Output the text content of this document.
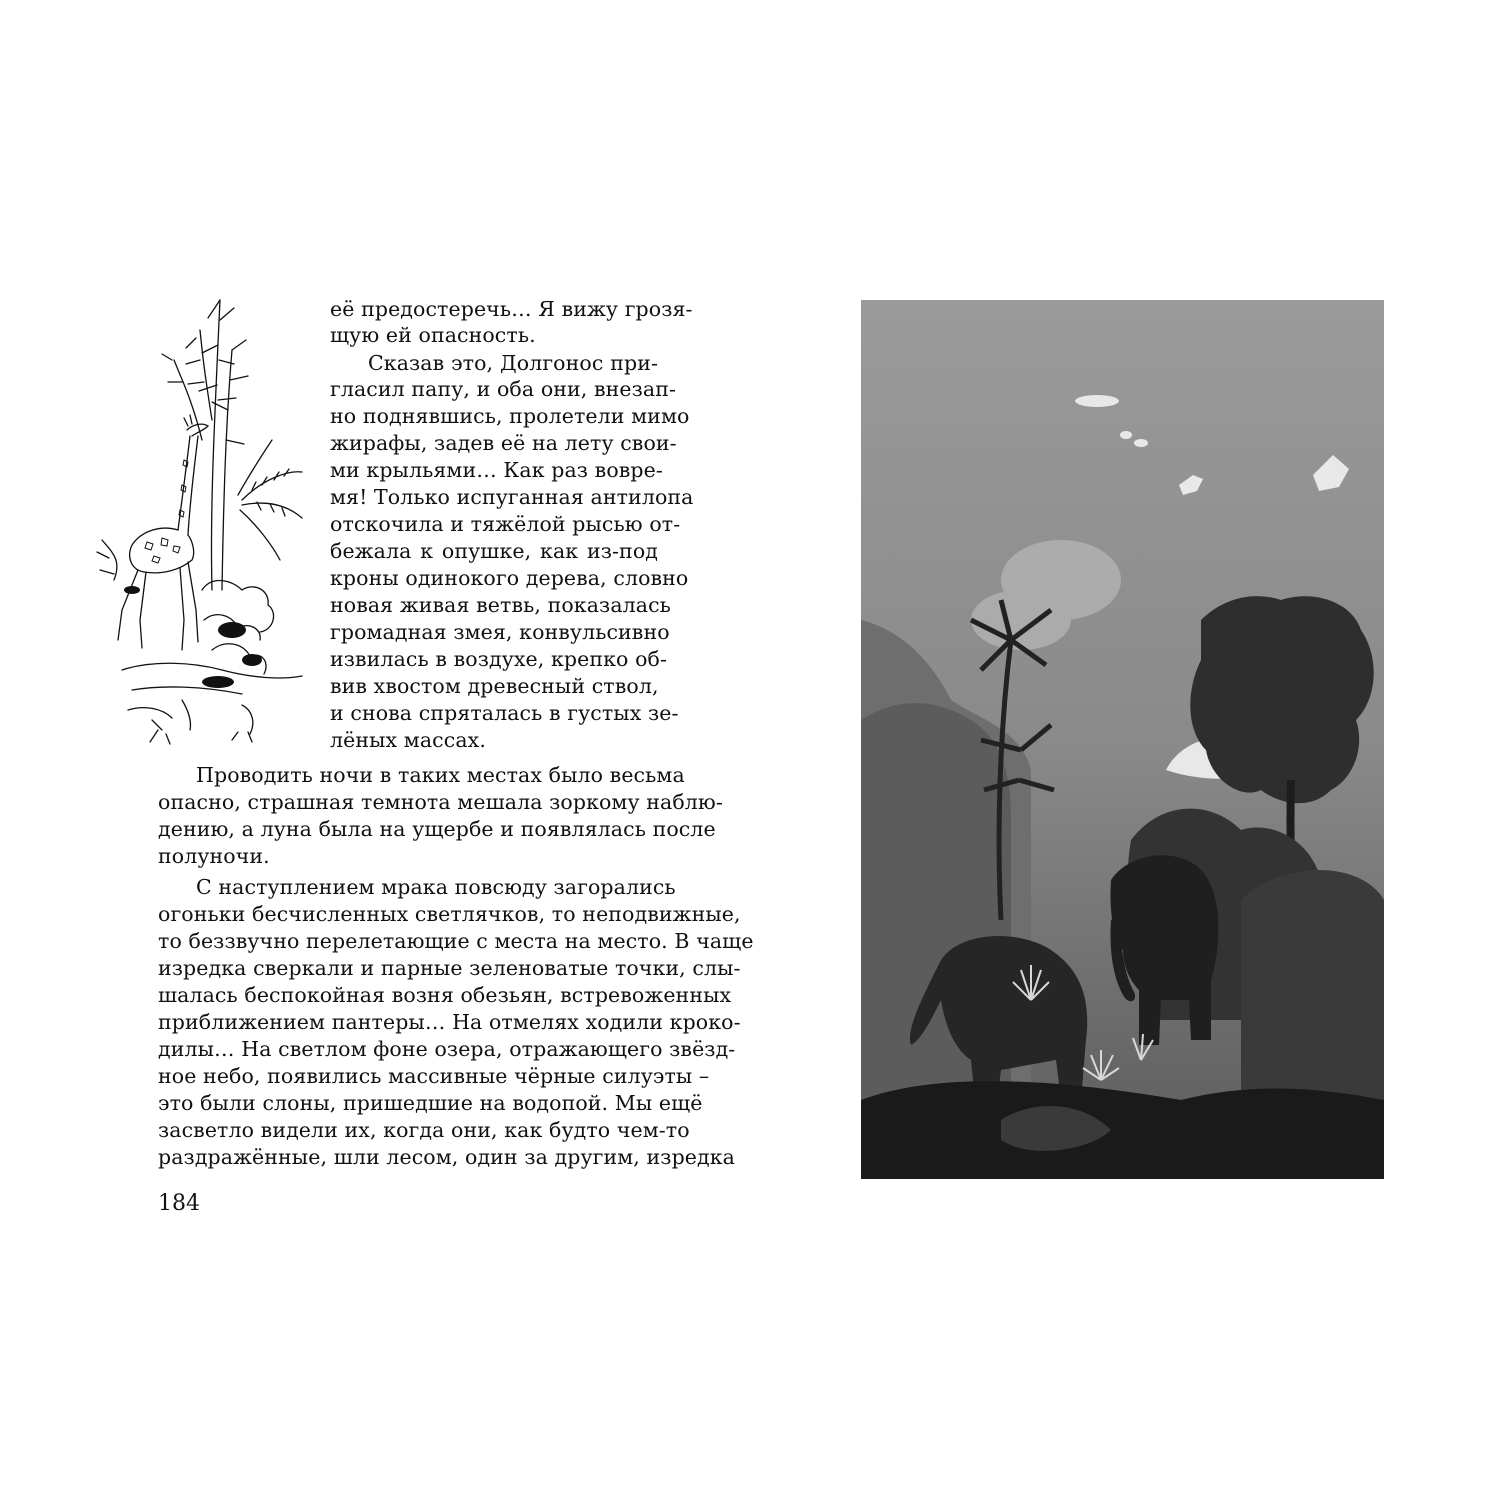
её предостеречь… Я вижу грозя-
щую ей опасность.
Сказав это, Долгонос при-
гласил папу, и оба они, внезап-
но поднявшись, пролетели мимо
жирафы, задев её на лету свои-
ми крыльями… Как раз вовре-
мя! Только испуганная антилопа
отскочила и тяжёлой рысью от-
бежала к опушке, как из-под
кроны одинокого дерева, словно
новая живая ветвь, показалась
громадная змея, конвульсивно
извилась в воздухе, крепко об-
вив хвостом древесный ствол,
и снова спряталась в густых зе-
лёных массах.
Проводить ночи в таких местах было весьма
опасно, страшная темнота мешала зоркому наблю-
дению, а луна была на ущербе и появлялась после
полуночи.
С наступлением мрака повсюду загорались
огоньки бесчисленных светлячков, то неподвижные,
то беззвучно перелетающие с места на место. В чаще
изредка сверкали и парные зеленоватые точки, слы-
шалась беспокойная возня обезьян, встревоженных
приближением пантеры… На отмелях ходили кроко-
дилы… На светлом фоне озера, отражающего звёзд-
ное небо, появились массивные чёрные силуэты –
это были слоны, пришедшие на водопой. Мы ещё
засветло видели их, когда они, как будто чем-то
раздражённые, шли лесом, один за другим, изредка
184
